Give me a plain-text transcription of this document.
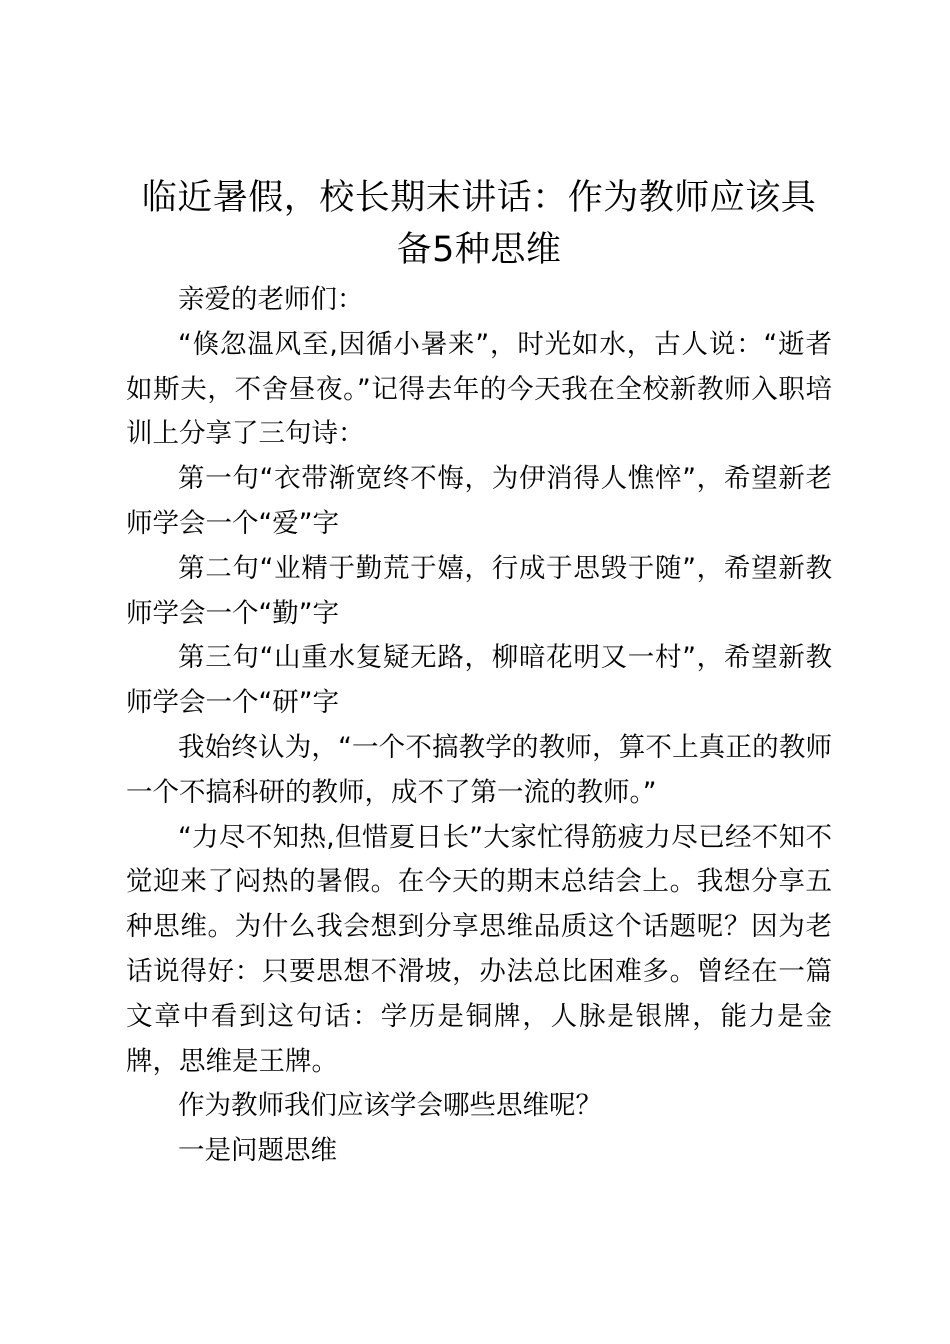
临近暑假，校长期末讲话：作为教师应该具备5种思维

亲爱的老师们：

“倏忽温风至,因循小暑来”，时光如水，古人说：“逝者如斯夫，不舍昼夜。”记得去年的今天我在全校新教师入职培训上分享了三句诗：

第一句“衣带渐宽终不悔，为伊消得人憔悴”，希望新老师学会一个“爱”字

第二句“业精于勤荒于嬉，行成于思毁于随”，希望新教师学会一个“勤”字

第三句“山重水复疑无路，柳暗花明又一村”，希望新教师学会一个“研”字

我始终认为，“一个不搞教学的教师，算不上真正的教师一个不搞科研的教师，成不了第一流的教师。”

“力尽不知热,但惜夏日长”大家忙得筋疲力尽已经不知不觉迎来了闷热的暑假。在今天的期末总结会上。我想分享五种思维。为什么我会想到分享思维品质这个话题呢？因为老话说得好：只要思想不滑坡，办法总比困难多。曾经在一篇文章中看到这句话：学历是铜牌，人脉是银牌，能力是金牌，思维是王牌。

作为教师我们应该学会哪些思维呢？

一是问题思维
